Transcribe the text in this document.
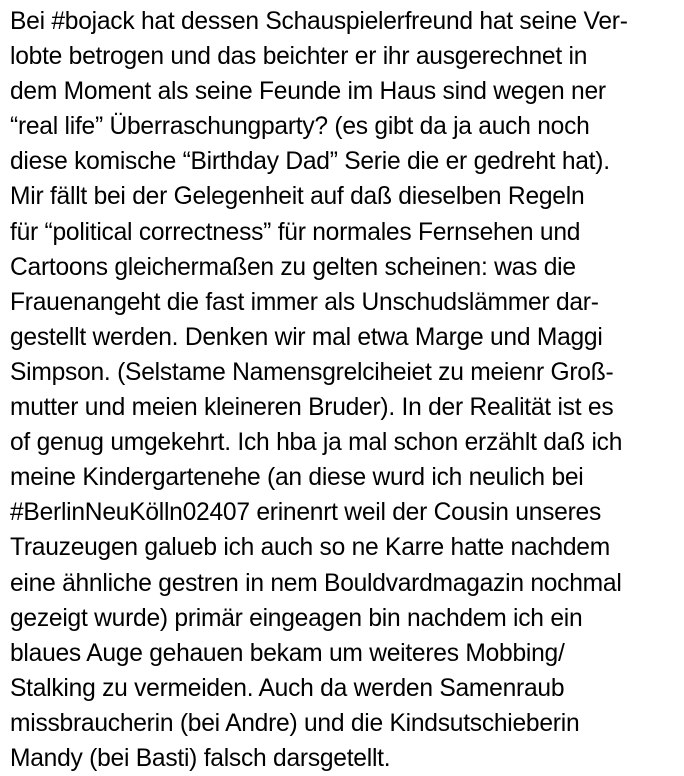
Bei #bojack hat dessen Schauspielerfreund hat seine Ver-
lobte betrogen und das beichter er ihr ausgerechnet in
dem Moment als seine Feunde im Haus sind wegen ner
“real life” Überraschungparty? (es gibt da ja auch noch
diese komische “Birthday Dad” Serie die er gedreht hat).
Mir fällt bei der Gelegenheit auf daß dieselben Regeln
für “political correctness” für normales Fernsehen und
Cartoons gleichermaßen zu gelten scheinen: was die
Frauenangeht die fast immer als Unschudslämmer dar-
gestellt werden. Denken wir mal etwa Marge und Maggi
Simpson. (Selstame Namensgrelciheiet zu meienr Groß-
mutter und meien kleineren Bruder). In der Realität ist es
of genug umgekehrt. Ich hba ja mal schon erzählt daß ich
meine Kindergartenehe (an diese wurd ich neulich bei
#BerlinNeuKölln02407 erinenrt weil der Cousin unseres
Trauzeugen galueb ich auch so ne Karre hatte nachdem
eine ähnliche gestren in nem Bouldvardmagazin nochmal
gezeigt wurde) primär eingeagen bin nachdem ich ein
blaues Auge gehauen bekam um weiteres Mobbing/
Stalking zu vermeiden. Auch da werden Samenraub
missbraucherin (bei Andre) und die Kindsutschieberin
Mandy (bei Basti) falsch darsgetellt.
